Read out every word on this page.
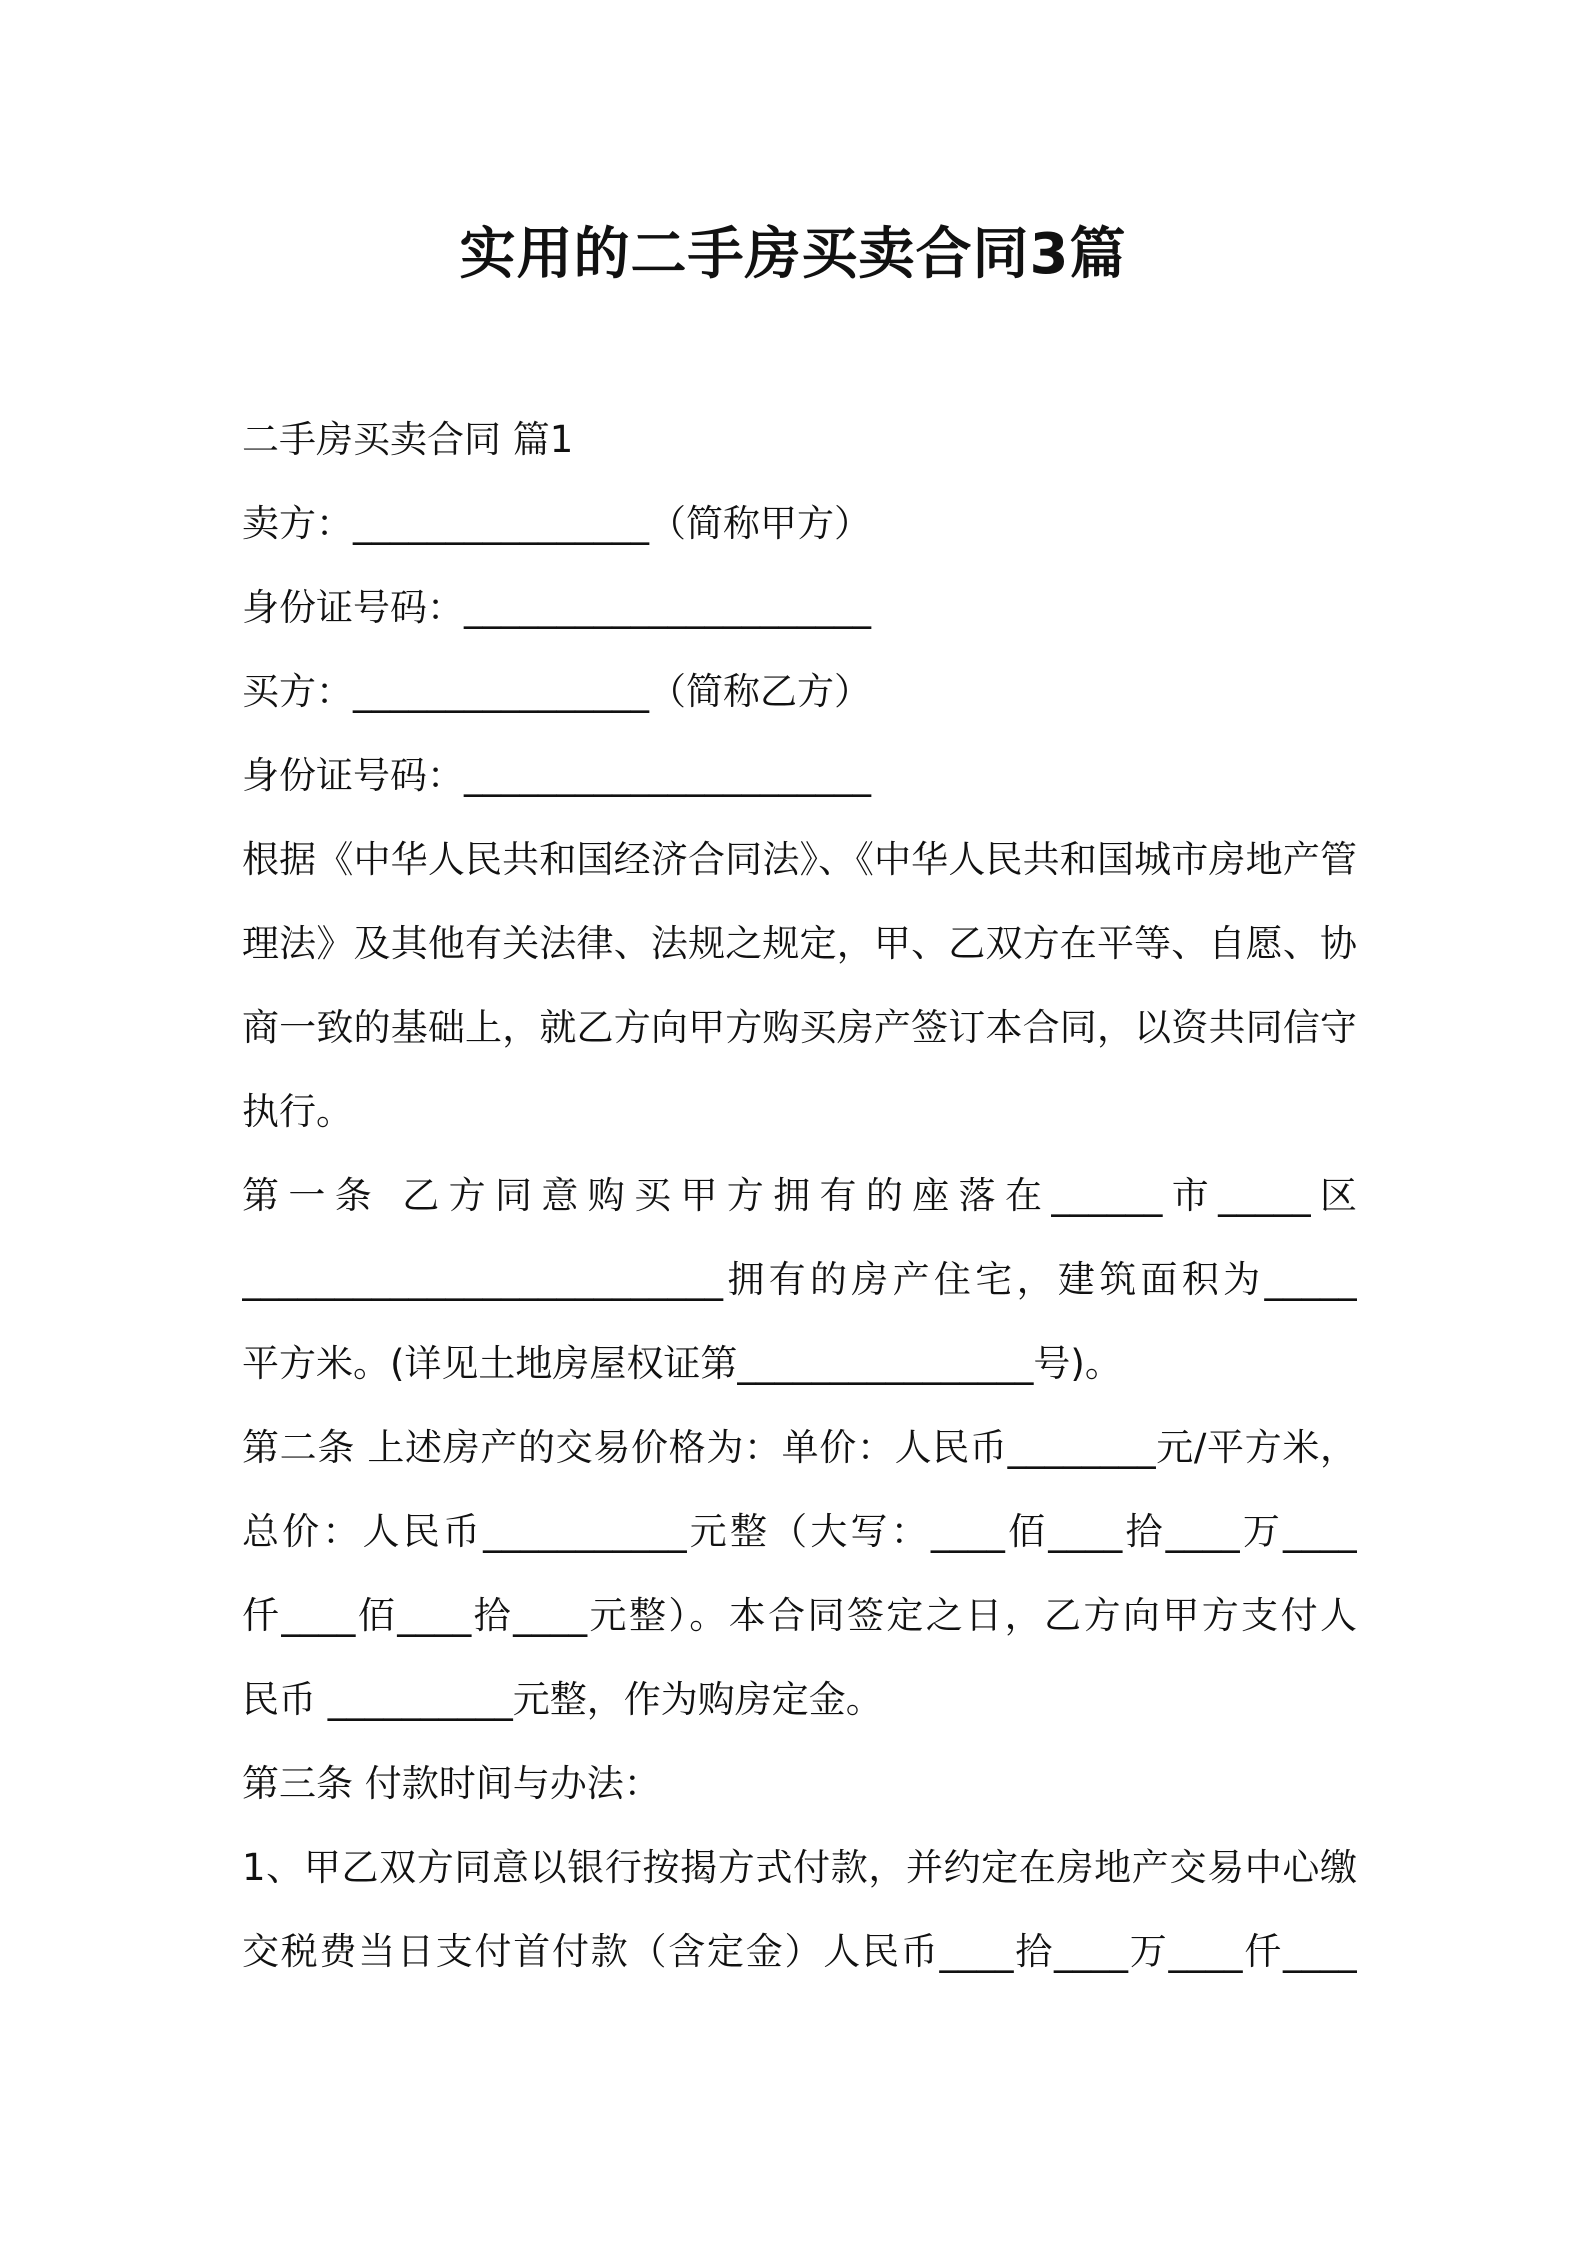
实用的二手房买卖合同3篇
二手房买卖合同 篇1
卖方：________________（简称甲方）
身份证号码：______________________
买方：________________（简称乙方）
身份证号码：______________________
根据《中华人民共和国经济合同法》、《中华人民共和国城市房地产管
理法》及其他有关法律、法规之规定，甲、乙双方在平等、自愿、协
商一致的基础上，就乙方向甲方购买房产签订本合同，以资共同信守
执行。
第一条 乙方同意购买甲方拥有的座落在______市_____区
__________________________拥有的房产住宅，建筑面积为_____
平方米。(详见土地房屋权证第________________号)。
第二条 上述房产的交易价格为：单价：人民币________元/平方米，
总价：人民币___________元整（大写：____佰____拾____万____
仟____佰____拾____元整）。本合同签定之日，乙方向甲方支付人
民币 __________元整，作为购房定金。
第三条 付款时间与办法：
1、甲乙双方同意以银行按揭方式付款，并约定在房地产交易中心缴
交税费当日支付首付款（含定金）人民币____拾____万____仟____
